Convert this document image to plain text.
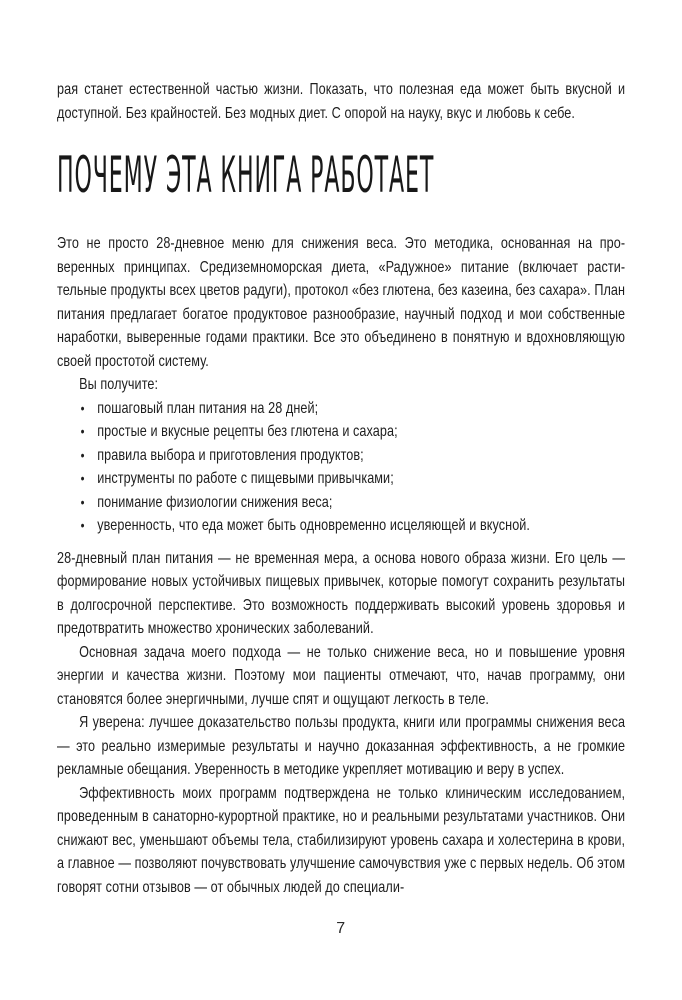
рая станет естественной частью жизни. Показать, что полезная еда может быть вкусной и доступной. Без крайностей. Без модных диет. С опорой на науку, вкус и любовь к себе.

ПОЧЕМУ ЭТА КНИГА РАБОТАЕТ

Это не просто 28-дневное меню для снижения веса. Это методика, основанная на проверенных принципах. Средиземноморская диета, «Радужное» питание (включает растительные продукты всех цветов радуги), протокол «без глютена, без казеина, без сахара». План питания предлагает богатое продуктовое разнообразие, научный подход и мои собственные наработки, выверенные годами практики. Все это объединено в понятную и вдохновляющую своей простотой систему.

Вы получите:

• пошаговый план питания на 28 дней;
• простые и вкусные рецепты без глютена и сахара;
• правила выбора и приготовления продуктов;
• инструменты по работе с пищевыми привычками;
• понимание физиологии снижения веса;
• уверенность, что еда может быть одновременно исцеляющей и вкусной.

28-дневный план питания — не временная мера, а основа нового образа жизни. Его цель — формирование новых устойчивых пищевых привычек, которые помогут сохранить результаты в долгосрочной перспективе. Это возможность поддерживать высокий уровень здоровья и предотвратить множество хронических заболеваний.

Основная задача моего подхода — не только снижение веса, но и повышение уровня энергии и качества жизни. Поэтому мои пациенты отмечают, что, начав программу, они становятся более энергичными, лучше спят и ощущают легкость в теле.

Я уверена: лучшее доказательство пользы продукта, книги или программы снижения веса — это реально измеримые результаты и научно доказанная эффективность, а не громкие рекламные обещания. Уверенность в методике укрепляет мотивацию и веру в успех.

Эффективность моих программ подтверждена не только клиническим исследованием, проведенным в санаторно-курортной практике, но и реальными результатами участников. Они снижают вес, уменьшают объемы тела, стабилизируют уровень сахара и холестерина в крови, а главное — позволяют почувствовать улучшение самочувствия уже с первых недель. Об этом говорят сотни отзывов — от обычных людей до специали-

7
